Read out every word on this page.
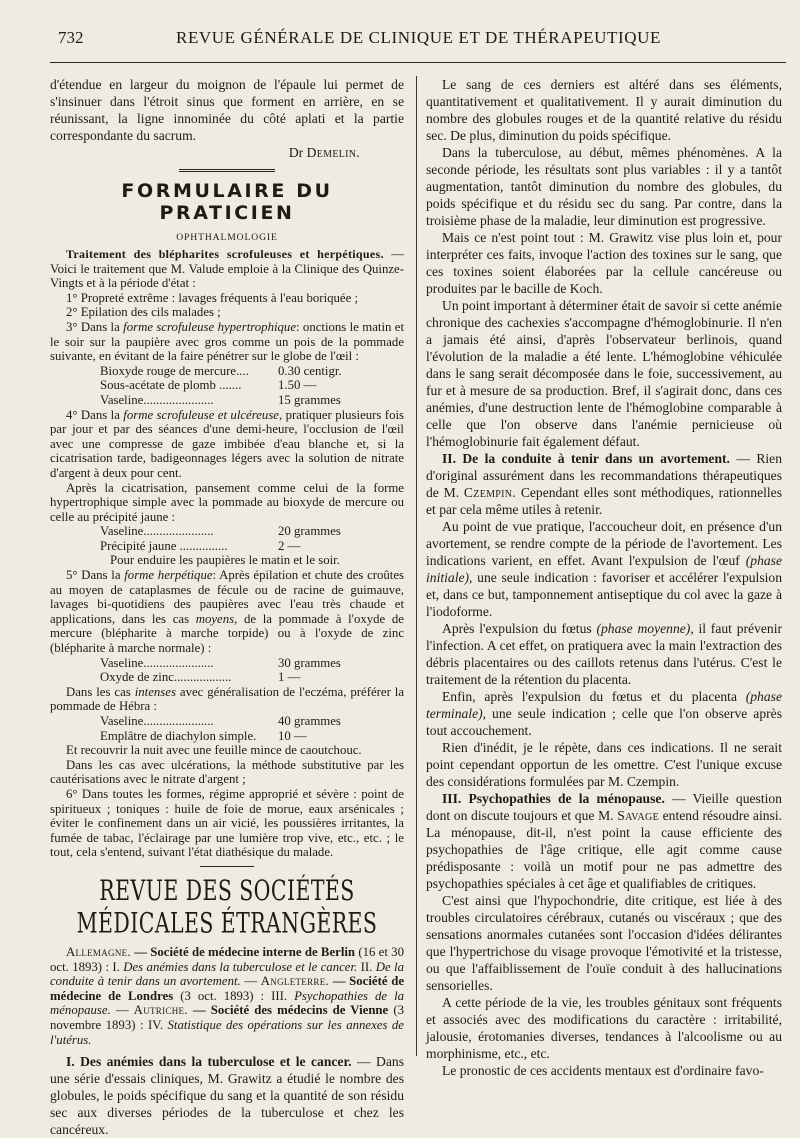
732	REVUE GÉNÉRALE DE CLINIQUE ET DE THÉRAPEUTIQUE

d'étendue en largeur du moignon de l'épaule lui permet de s'insinuer dans l'étroit sinus que forment en arrière, en se réunissant, la ligne innominée du côté aplati et la partie correspondante du sacrum.

Dr Demelin.
FORMULAIRE DU PRATICIEN
OPHTHALMOLOGIE

Traitement des blépharites scrofuleuses et herpétiques. — Voici le traitement que M. Valude emploie à la Clinique des Quinze-Vingts et à la période d'état :

1° Propreté extrême : lavages fréquents à l'eau boriquée ;

2° Epilation des cils malades ;

3° Dans la forme scrofuleuse hypertrophique: onctions le matin et le soir sur la paupière avec gros comme un pois de la pommade suivante, en évitant de la faire pénétrer sur le globe de l'œil :

Bioxyde rouge de mercure....	0.30 centigr.
Sous-acétate de plomb .......	1.50 —
Vaseline......................	15 grammes

4° Dans la forme scrofuleuse et ulcéreuse, pratiquer plusieurs fois par jour et par des séances d'une demi-heure, l'occlusion de l'œil avec une compresse de gaze imbibée d'eau blanche et, si la cicatrisation tarde, badigeonnages légers avec la solution de nitrate d'argent à deux pour cent.

Après la cicatrisation, pansement comme celui de la forme hypertrophique simple avec la pommade au bioxyde de mercure ou celle au précipité jaune :

Vaseline......................	20 grammes
Précipité jaune ...............	2 —
Pour enduire les paupières le matin et le soir.

5° Dans la forme herpétique: Après épilation et chute des croûtes au moyen de cataplasmes de fécule ou de racine de guimauve, lavages bi-quotidiens des paupières avec l'eau très chaude et applications, dans les cas moyens, de la pommade à l'oxyde de mercure (blépharite à marche torpide) ou à l'oxyde de zinc (blépharite à marche normale) :

Vaseline......................	30 grammes
Oxyde de zinc..................	1 —

Dans les cas intenses avec généralisation de l'eczéma, préférer la pommade de Hébra :

Vaseline......................	40 grammes
Emplâtre de diachylon simple.	10 —

Et recouvrir la nuit avec une feuille mince de caoutchouc.

Dans les cas avec ulcérations, la méthode substitutive par les cautérisations avec le nitrate d'argent ;

6° Dans toutes les formes, régime approprié et sévère : point de spiritueux ; toniques : huile de foie de morue, eaux arsénicales ; éviter le confinement dans un air vicié, les poussières irritantes, la fumée de tabac, l'éclairage par une lumière trop vive, etc., etc. ; le tout, cela s'entend, suivant l'état diathésique du malade.

REVUE DES SOCIÉTÉS MÉDICALES ÉTRANGÈRES

Allemagne. — Société de médecine interne de Berlin (16 et 30 oct. 1893) : I. Des anémies dans la tuberculose et le cancer. II. De la conduite à tenir dans un avortement. — Angleterre. — Société de médecine de Londres (3 oct. 1893) : III. Psychopathies de la ménopause. — Autriche. — Société des médecins de Vienne (3 novembre 1893) : IV. Statistique des opérations sur les annexes de l'utérus.

I. Des anémies dans la tuberculose et le cancer. — Dans une série d'essais cliniques, M. Grawitz a étudié le nombre des globules, le poids spécifique du sang et la quantité de son résidu sec aux diverses périodes de la tuberculose et chez les cancéreux.

Le sang de ces derniers est altéré dans ses éléments, quantitativement et qualitativement. Il y aurait diminution du nombre des globules rouges et de la quantité relative du résidu sec. De plus, diminution du poids spécifique.

Dans la tuberculose, au début, mêmes phénomènes. A la seconde période, les résultats sont plus variables : il y a tantôt augmentation, tantôt diminution du nombre des globules, du poids spécifique et du résidu sec du sang. Par contre, dans la troisième phase de la maladie, leur diminution est progressive.

Mais ce n'est point tout : M. Grawitz vise plus loin et, pour interpréter ces faits, invoque l'action des toxines sur le sang, que ces toxines soient élaborées par la cellule cancéreuse ou produites par le bacille de Koch.

Un point important à déterminer était de savoir si cette anémie chronique des cachexies s'accompagne d'hémoglobinurie. Il n'en a jamais été ainsi, d'après l'observateur berlinois, quand l'évolution de la maladie a été lente. L'hémoglobine véhiculée dans le sang serait décomposée dans le foie, successivement, au fur et à mesure de sa production. Bref, il s'agirait donc, dans ces anémies, d'une destruction lente de l'hémoglobine comparable à celle que l'on observe dans l'anémie pernicieuse où l'hémoglobinurie fait également défaut.

II. De la conduite à tenir dans un avortement. — Rien d'original assurément dans les recommandations thérapeutiques de M. Czempin. Cependant elles sont méthodiques, rationnelles et par cela même utiles à retenir.

Au point de vue pratique, l'accoucheur doit, en présence d'un avortement, se rendre compte de la période de l'avortement. Les indications varient, en effet. Avant l'expulsion de l'œuf (phase initiale), une seule indication : favoriser et accélérer l'expulsion et, dans ce but, tamponnement antiseptique du col avec la gaze à l'iodoforme.

Après l'expulsion du fœtus (phase moyenne), il faut prévenir l'infection. A cet effet, on pratiquera avec la main l'extraction des débris placentaires ou des caillots retenus dans l'utérus. C'est le traitement de la rétention du placenta.

Enfin, après l'expulsion du fœtus et du placenta (phase terminale), une seule indication ; celle que l'on observe après tout accouchement.

Rien d'inédit, je le répète, dans ces indications. Il ne serait point cependant opportun de les omettre. C'est l'unique excuse des considérations formulées par M. Czempin.

III. Psychopathies de la ménopause. — Vieille question dont on discute toujours et que M. Savage entend résoudre ainsi. La ménopause, dit-il, n'est point la cause efficiente des psychopathies de l'âge critique, elle agit comme cause prédisposante : voilà un motif pour ne pas admettre des psychopathies spéciales à cet âge et qualifiables de critiques.

C'est ainsi que l'hypochondrie, dite critique, est liée à des troubles circulatoires cérébraux, cutanés ou viscéraux ; que des sensations anormales cutanées sont l'occasion d'idées délirantes que l'hypertrichose du visage provoque l'émotivité et la tristesse, ou que l'affaiblissement de l'ouïe conduit à des hallucinations sensorielles.

A cette période de la vie, les troubles génitaux sont fréquents et associés avec des modifications du caractère : irritabilité, jalousie, érotomanies diverses, tendances à l'alcoolisme ou au morphinisme, etc., etc.

Le pronostic de ces accidents mentaux est d'ordinaire favo-
